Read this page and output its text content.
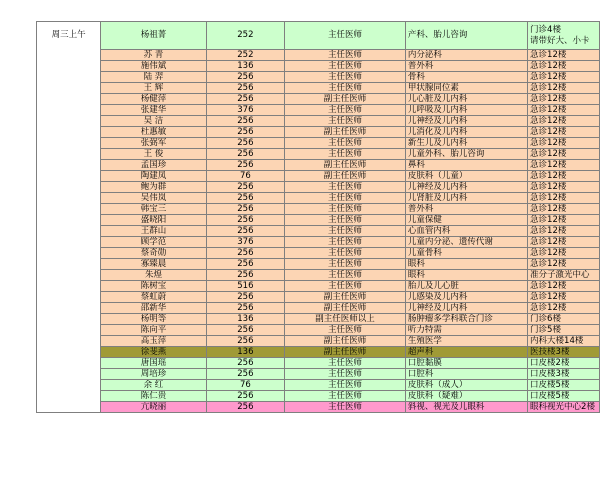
周三上午	杨祖菁	252	主任医师	产科、胎儿咨询	门诊4楼
请带好大、小卡

	苏 青	252	主任医师	内分泌科	急诊12楼
	施伟斌	136	主任医师	普外科	急诊12楼
	陆 羿	256	主任医师	骨科	急诊12楼
	王 辉	256	主任医师	甲状腺同位素	急诊12楼
	杨健萍	256	副主任医师	儿心脏及儿内科	急诊12楼
	张建华	376	主任医师	儿呼吸及儿内科	急诊12楼
	吴 洁	256	主任医师	儿神经及儿内科	急诊12楼
	杜惠敏	256	副主任医师	儿消化及儿内科	急诊12楼
	张弼军	256	主任医师	新生儿及儿内科	急诊12楼
	王 俊	256	主任医师	儿童外科、胎儿咨询	急诊12楼
	孟国珍	256	副主任医师	鼻科	急诊12楼
	陶建凤	76	副主任医师	皮肤科（儿童）	急诊12楼
	鲍为群	256	主任医师	儿神经及儿内科	急诊12楼
	吴伟岚	256	主任医师	儿肾脏及儿内科	急诊12楼
	韩宝三	256	主任医师	普外科	急诊12楼
	盛晓阳	256	主任医师	儿童保健	急诊12楼
	王群山	256	主任医师	心血管内科	急诊12楼
	顾学范	376	主任医师	儿童内分泌、遗传代谢	急诊12楼
	蔡奇勋	256	主任医师	儿童骨科	急诊12楼
	寡臻晨	256	主任医师	眼科	急诊12楼
	朱煌	256	主任医师	眼科	准分子激光中心
	陈树宝	516	主任医师	胎儿及儿心脏	急诊12楼
	蔡虹蔚	256	副主任医师	儿感染及儿内科	急诊12楼
	邵新华	256	副主任医师	儿神经及儿内科	急诊12楼
	杨明等	136	副主任医师以上	肠肿瘤多学科联合门诊	门诊6楼
	陈向平	256	主任医师	听力特需	门诊5楼
	高玉萍	256	副主任医师	生殖医学	内科大楼14楼
	徐斐燕	136	副主任医师	超声科	医技楼3楼
	唐国瑶	256	主任医师	口腔黏膜	口皮楼2楼
	周培珍	256	主任医师	口腔科	口皮楼3楼
	余 红	76	主任医师	皮肤科（成人）	口皮楼5楼
	陈仁贵	256	主任医师	皮肤科（疑难）	口皮楼5楼
	亢晓丽	256	主任医师	斜视、视光及儿眼科	眼科视光中心2楼
